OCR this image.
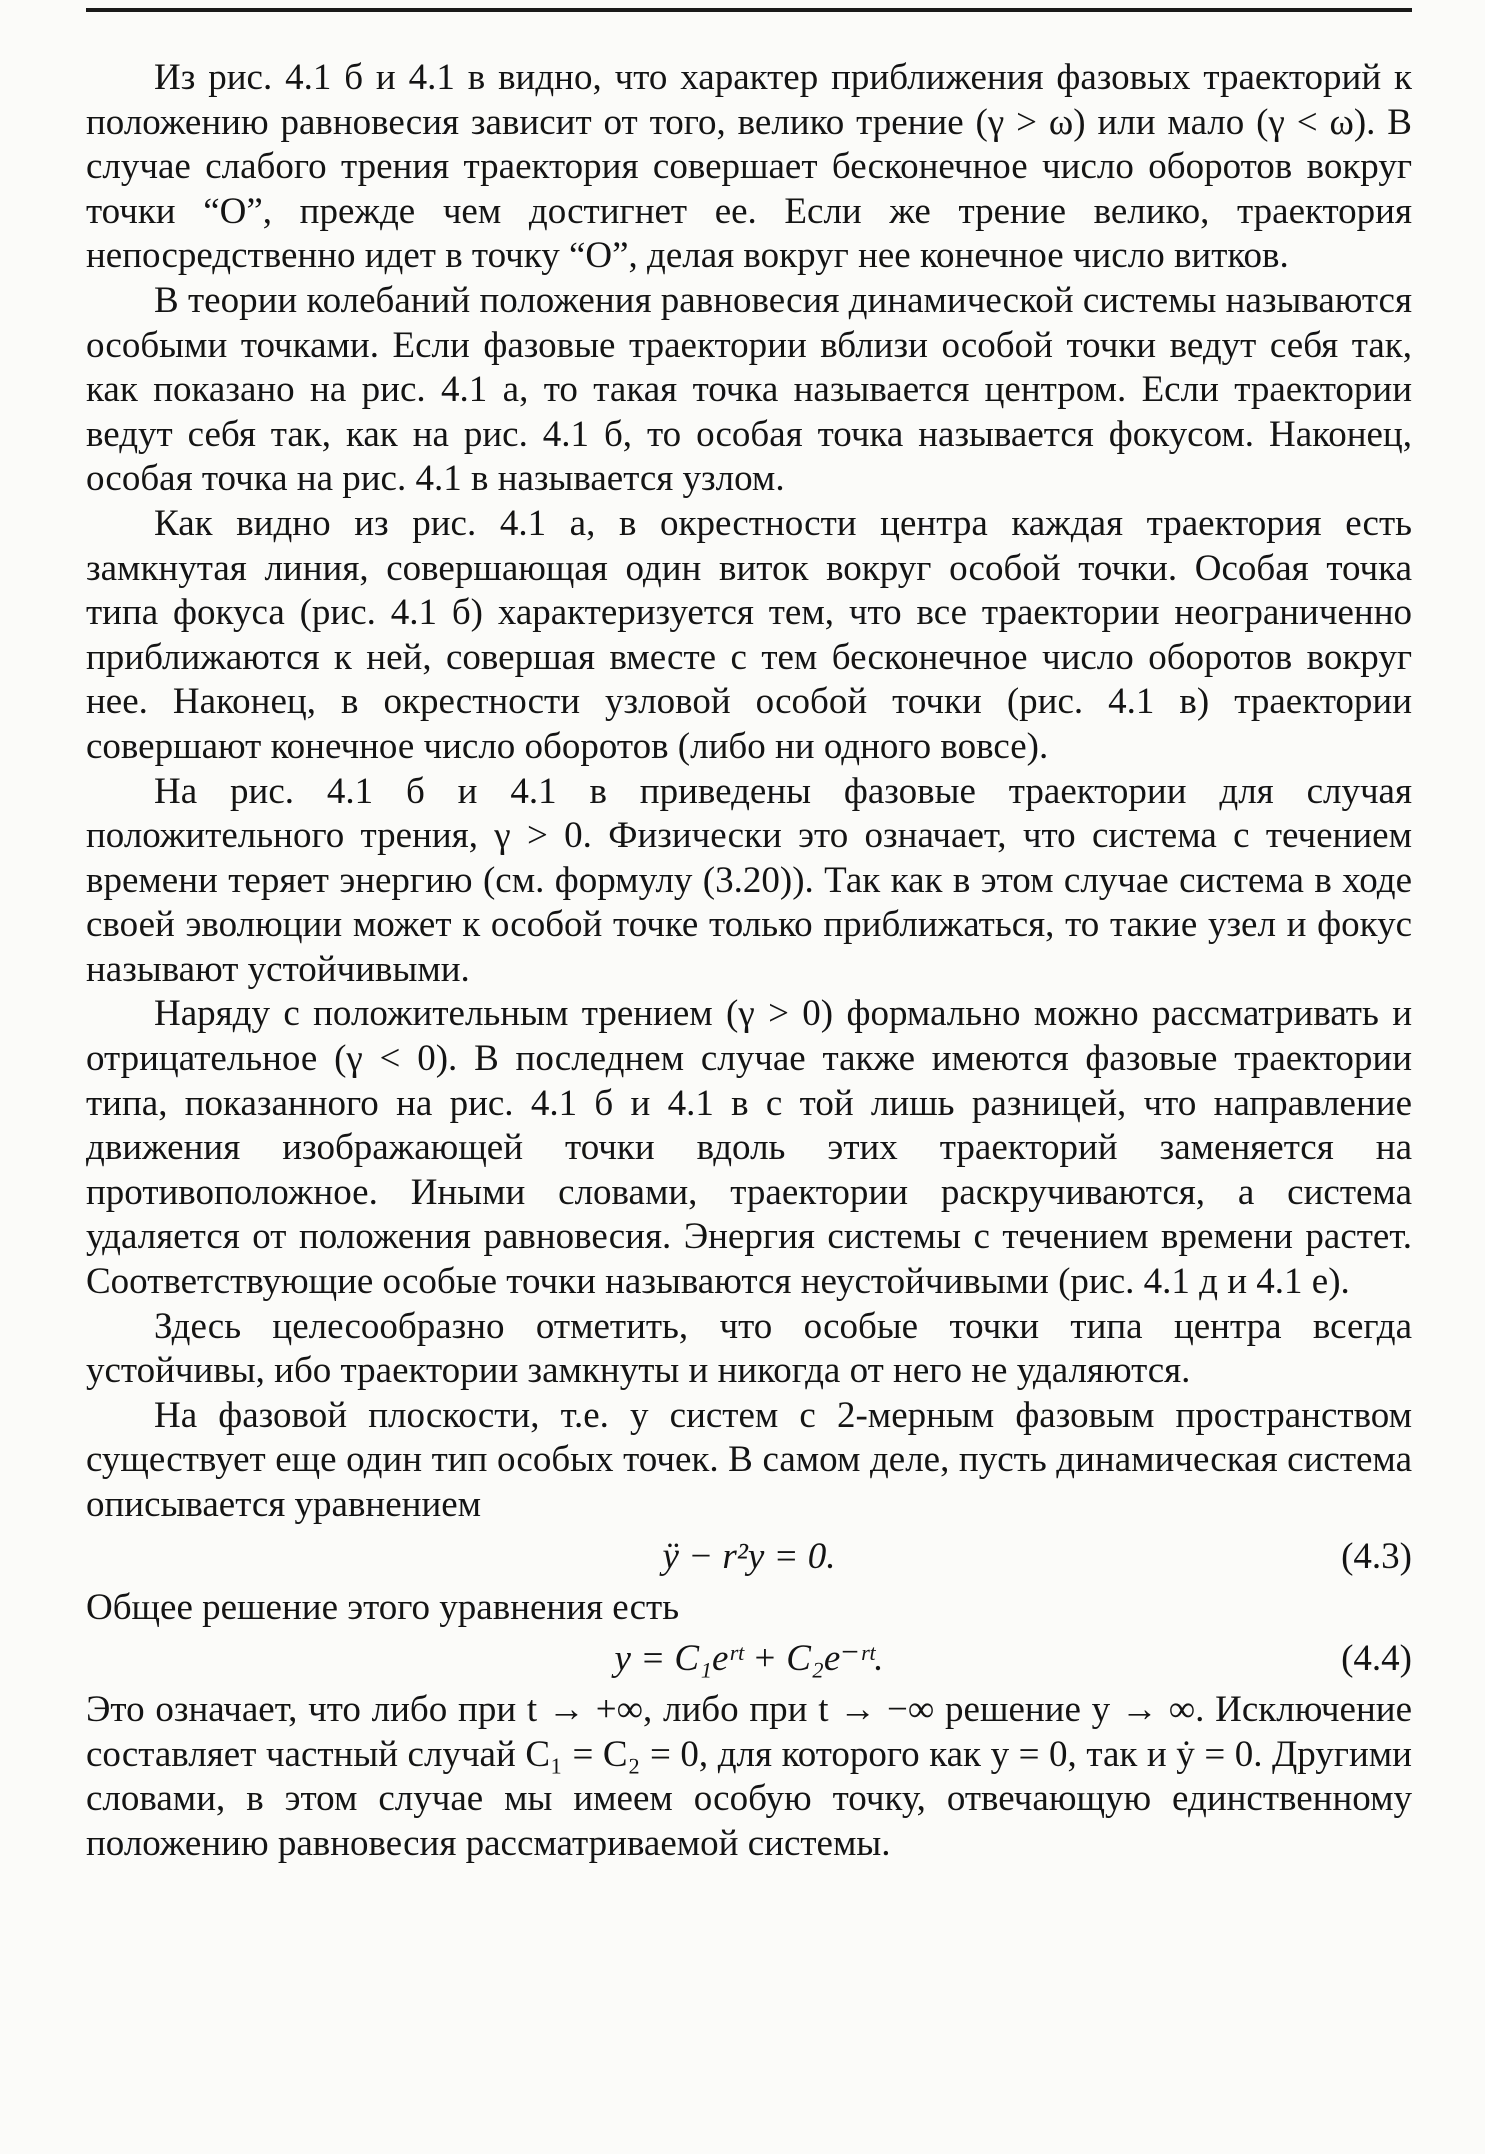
Из рис. 4.1 б и 4.1 в видно, что характер приближения фазовых траекторий к положению равновесия зависит от того, велико трение (γ > ω) или мало (γ < ω). В случае слабого трения траектория совершает бесконечное число оборотов вокруг точки “O”, прежде чем достигнет ее. Если же трение велико, траектория непосредственно идет в точку “O”, делая вокруг нее конечное число витков.

В теории колебаний положения равновесия динамической системы называются особыми точками. Если фазовые траектории вблизи особой точки ведут себя так, как показано на рис. 4.1 а, то такая точка называется центром. Если траектории ведут себя так, как на рис. 4.1 б, то особая точка называется фокусом. Наконец, особая точка на рис. 4.1 в называется узлом.

Как видно из рис. 4.1 а, в окрестности центра каждая траектория есть замкнутая линия, совершающая один виток вокруг особой точки. Особая точка типа фокуса (рис. 4.1 б) характеризуется тем, что все траектории неограниченно приближаются к ней, совершая вместе с тем бесконечное число оборотов вокруг нее. Наконец, в окрестности узловой особой точки (рис. 4.1 в) траектории совершают конечное число оборотов (либо ни одного вовсе).

На рис. 4.1 б и 4.1 в приведены фазовые траектории для случая положительного трения, γ > 0. Физически это означает, что система с течением времени теряет энергию (см. формулу (3.20)). Так как в этом случае система в ходе своей эволюции может к особой точке только приближаться, то такие узел и фокус называют устойчивыми.

Наряду с положительным трением (γ > 0) формально можно рассматривать и отрицательное (γ < 0). В последнем случае также имеются фазовые траектории типа, показанного на рис. 4.1 б и 4.1 в с той лишь разницей, что направление движения изображающей точки вдоль этих траекторий заменяется на противоположное. Иными словами, траектории раскручиваются, а система удаляется от положения равновесия. Энергия системы с течением времени растет. Соответствующие особые точки называются неустойчивыми (рис. 4.1 д и 4.1 е).

Здесь целесообразно отметить, что особые точки типа центра всегда устойчивы, ибо траектории замкнуты и никогда от него не удаляются.

На фазовой плоскости, т.е. у систем с 2-мерным фазовым пространством существует еще один тип особых точек. В самом деле, пусть динамическая система описывается уравнением

ÿ − r²y = 0.	(4.3)

Общее решение этого уравнения есть

y = C₁eʳᵗ + C₂e⁻ʳᵗ.	(4.4)

Это означает, что либо при t → +∞, либо при t → −∞ решение y → ∞. Исключение составляет частный случай C₁ = C₂ = 0, для которого как y = 0, так и ẏ = 0. Другими словами, в этом случае мы имеем особую точку, отвечающую единственному положению равновесия рассматриваемой системы.
